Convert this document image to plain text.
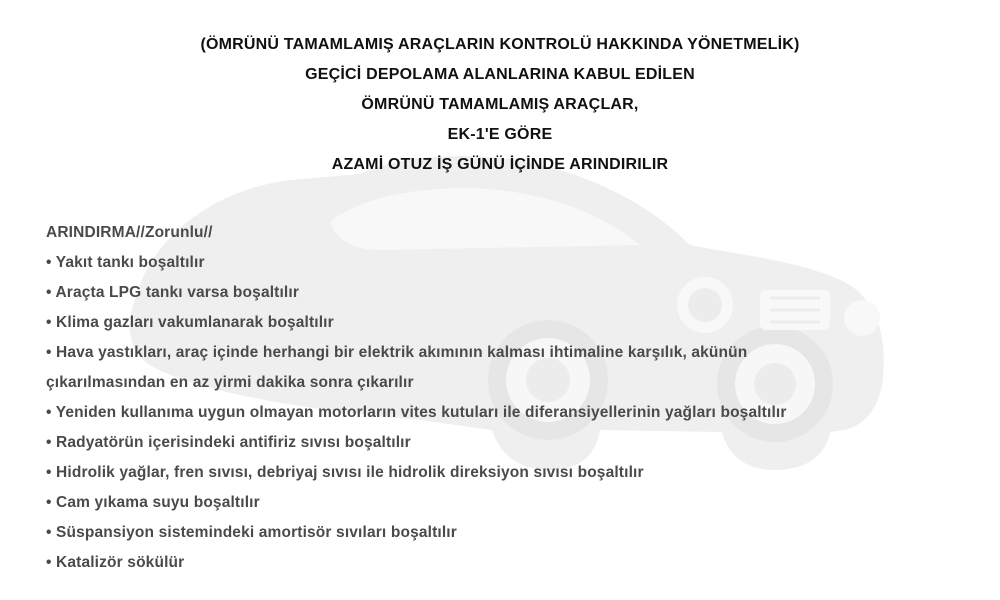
(ÖMRÜNÜ TAMAMLAMIŞ ARAÇLARIN KONTROLÜ HAKKINDA YÖNETMELİK)
GEÇİCİ DEPOLAMA ALANLARINA KABUL EDİLEN
ÖMRÜNÜ TAMAMLAMIŞ ARAÇLAR,
EK-1'E GÖRE
AZAMİ OTUZ İŞ GÜNÜ İÇİNDE ARINDIRILIR
ARINDIRMA//Zorunlu//
• Yakıt tankı boşaltılır
• Araçta LPG tankı varsa boşaltılır
• Klima gazları vakumlanarak boşaltılır
• Hava yastıkları, araç içinde herhangi bir elektrik akımının kalması ihtimaline karşılık, akünün çıkarılmasından en az yirmi dakika sonra çıkarılır
• Yeniden kullanıma uygun olmayan motorların vites kutuları ile diferansiyellerinin yağları boşaltılır
• Radyatörün içerisindeki antifiriz sıvısı boşaltılır
• Hidrolik yağlar, fren sıvısı, debriyaj sıvısı ile hidrolik direksiyon sıvısı boşaltılır
• Cam yıkama suyu boşaltılır
• Süspansiyon sistemindeki amortisör sıvıları boşaltılır
• Katalizör sökülür
